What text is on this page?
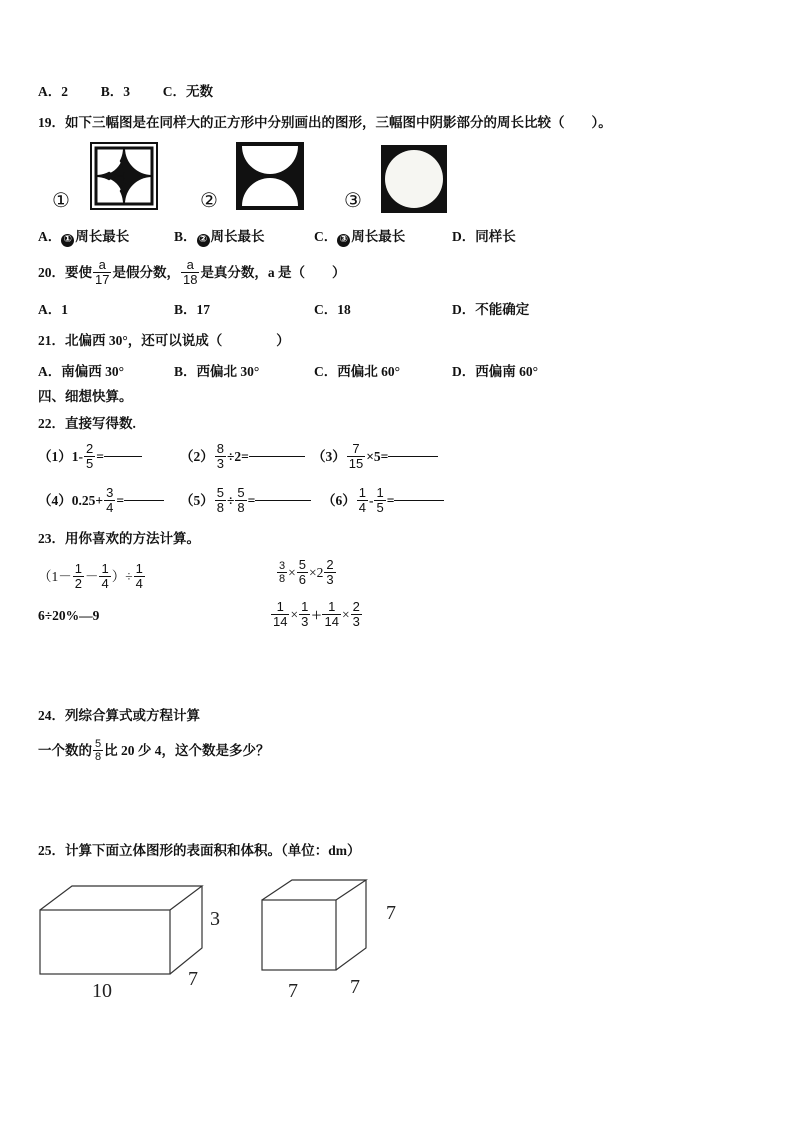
A．2 B．3 C．无数
19．如下三幅图是在同样大的正方形中分别画出的图形，三幅图中阴影部分的周长比较（　　）。
①	②	③
A． ① 周长最长	B． ② 周长最长	C． ③ 周长最长	D．同样长
20．要使 $\frac{a}{17}$ 是假分数， $\frac{a}{18}$ 是真分数，a 是（　　）
A．1	B．17	C．18	D．不能确定
21．北偏西 30°，还可以说成（　　　　）
A．南偏西 30°	B．西偏北 30°	C．西偏北 60°	D．西偏南 60°
四、细想快算。
22．直接写得数.
$(1)1- \frac{2}{5}$ =	$(2) \frac{8}{3} \div 2=$	$(3) \frac{7}{15} \times 5=$
$(4)0.25+ \frac{3}{4}$ =	$(5) \frac{5}{8} \div \frac{5}{8}$ =	$(6) \frac{1}{4} - \frac{1}{5}$ =
23．用你喜欢的方法计算。
（$1- \frac{1}{2} - \frac{1}{4}$ ）÷ $\frac{1}{4}$	$\frac{3}{8} \times \frac{5}{6} \times 2 \frac{2}{3}$
6÷20%—9	$\frac{1}{14} \times \frac{1}{3} + \frac{1}{14} \times \frac{2}{3}$
24．列综合算式或方程计算
一个数的 $\frac{5}{8}$ 比 20 少 4，这个数是多少？
25．计算下面立体图形的表面积和体积。（单位：dm）
3
7
10
7
7	7
